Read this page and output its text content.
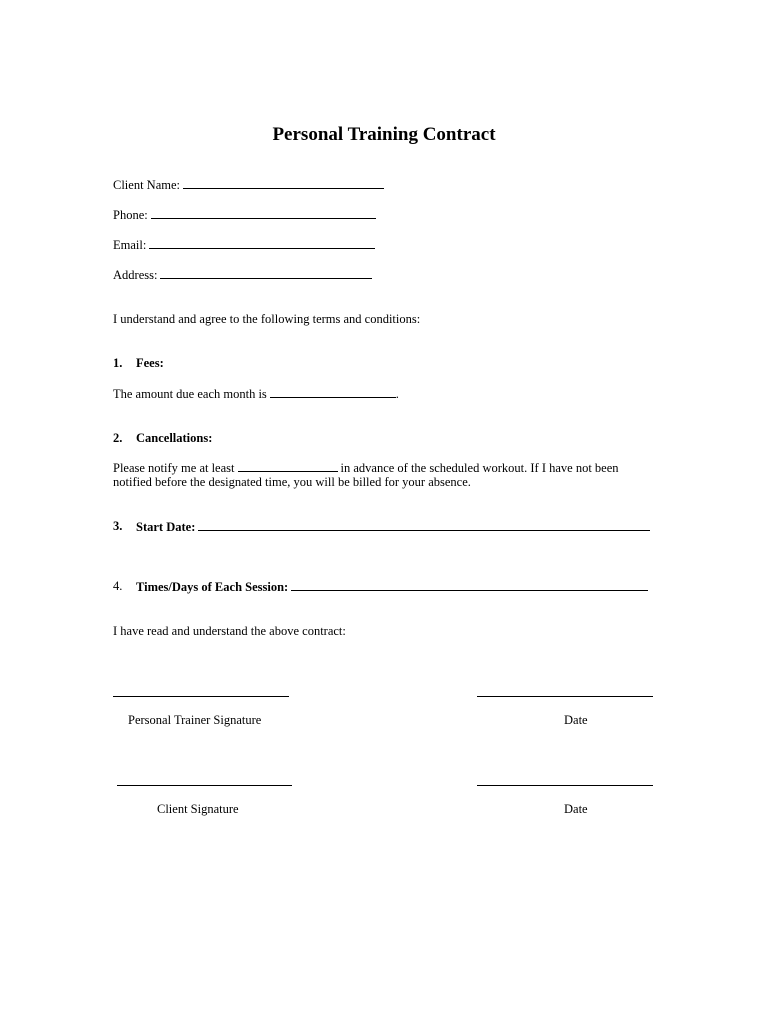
Personal Training Contract
Client Name:
Phone:
Email:
Address:
I understand and agree to the following terms and conditions:
1. Fees:
The amount due each month is	.
2. Cancellations:
Please notify me at least	in advance of the scheduled workout. If I have not been
notified before the designated time, you will be billed for your absence.
3. Start Date:
4. Times/Days of Each Session:
I have read and understand the above contract:
Personal Trainer Signature	Date
Client Signature	Date
